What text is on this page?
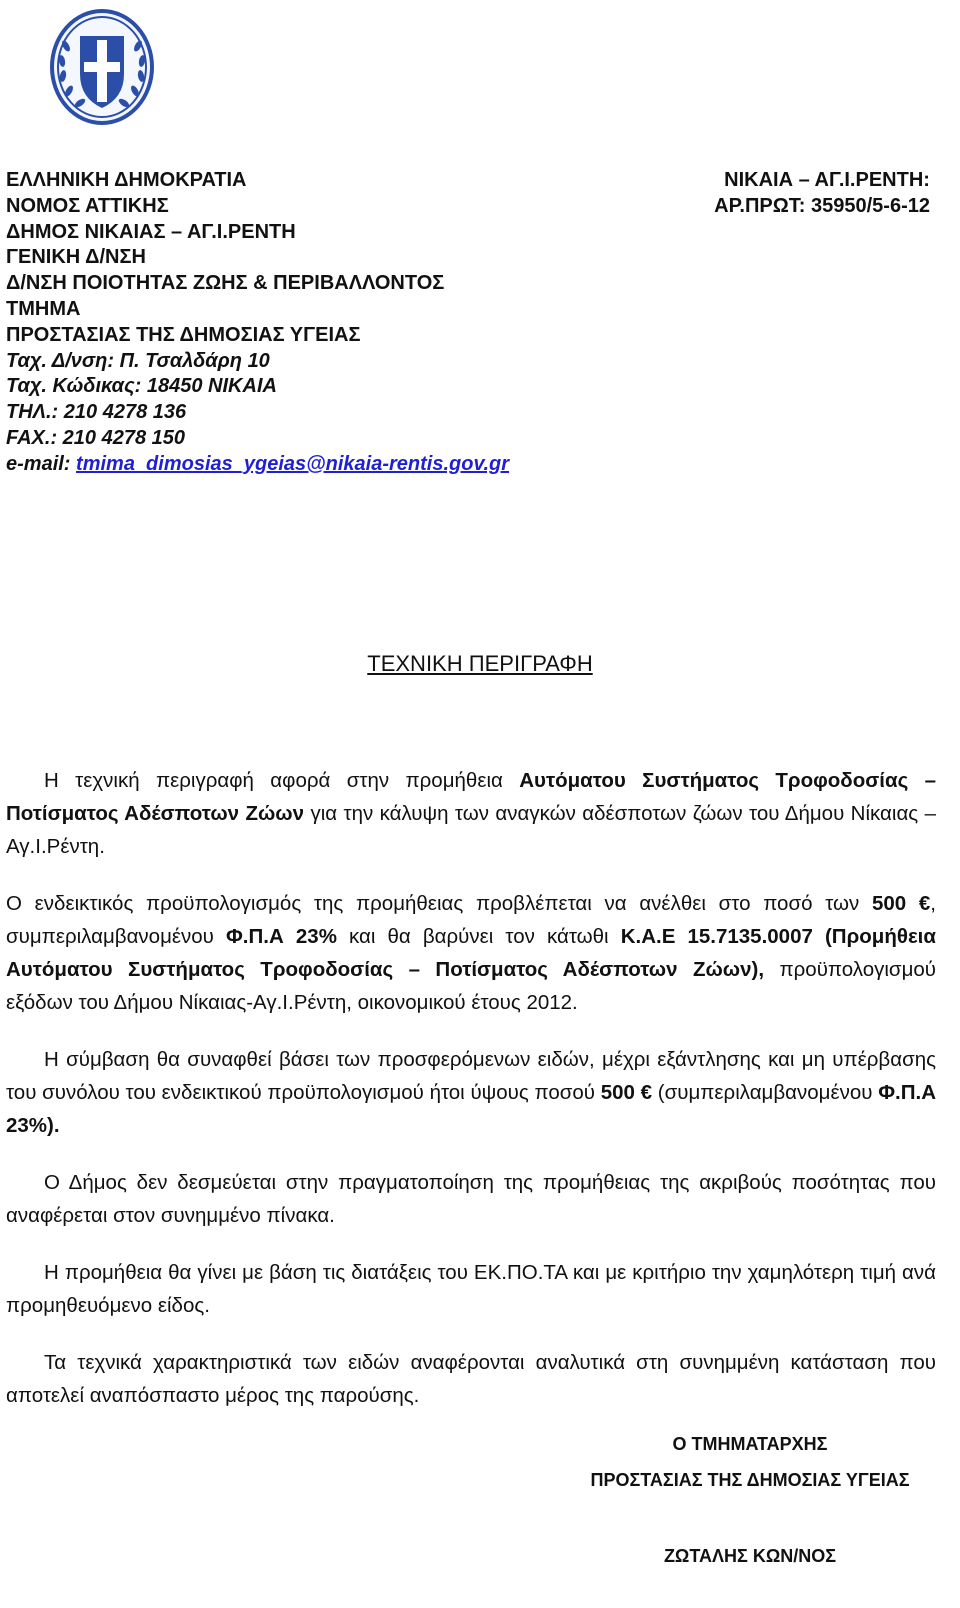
ΕΛΛΗΝΙΚΗ ΔΗΜΟΚΡΑΤΙΑ
ΝΟΜΟΣ ΑΤΤΙΚΗΣ
ΔΗΜΟΣ ΝΙΚΑΙΑΣ – ΑΓ.Ι.ΡΕΝΤΗ
ΓΕΝΙΚΗ Δ/ΝΣΗ
Δ/ΝΣΗ ΠΟΙΟΤΗΤΑΣ ΖΩΗΣ & ΠΕΡΙΒΑΛΛΟΝΤΟΣ
ΤΜΗΜΑ
ΠΡΟΣΤΑΣΙΑΣ ΤΗΣ ΔΗΜΟΣΙΑΣ ΥΓΕΙΑΣ
Ταχ. Δ/νση: Π. Τσαλδάρη 10
Ταχ. Κώδικας: 18450 ΝΙΚΑΙΑ
ΤΗΛ.: 210 4278 136
FAX.: 210 4278 150
e-mail: tmima_dimosias_ygeias@nikaia-rentis.gov.gr
ΝΙΚΑΙΑ – ΑΓ.Ι.ΡΕΝΤΗ:
ΑΡ.ΠΡΩΤ: 35950/5-6-12
ΤΕΧΝΙΚΗ ΠΕΡΙΓΡΑΦΗ

Η τεχνική περιγραφή αφορά στην προμήθεια Αυτόματου Συστήματος Τροφοδοσίας – Ποτίσματος Αδέσποτων Ζώων για την κάλυψη των αναγκών αδέσποτων ζώων του Δήμου Νίκαιας – Αγ.Ι.Ρέντη.

Ο ενδεικτικός προϋπολογισμός της προμήθειας προβλέπεται να ανέλθει στο ποσό των 500 €, συμπεριλαμβανομένου Φ.Π.Α 23% και θα βαρύνει τον κάτωθι Κ.Α.Ε 15.7135.0007 (Προμήθεια Αυτόματου Συστήματος Τροφοδοσίας – Ποτίσματος Αδέσποτων Ζώων), προϋπολογισμού εξόδων του Δήμου Νίκαιας-Αγ.Ι.Ρέντη, οικονομικού έτους 2012.

Η σύμβαση θα συναφθεί βάσει των προσφερόμενων ειδών, μέχρι εξάντλησης και μη υπέρβασης του συνόλου του ενδεικτικού προϋπολογισμού ήτοι ύψους ποσού 500 € (συμπεριλαμβανομένου Φ.Π.Α 23%).

Ο Δήμος δεν δεσμεύεται στην πραγματοποίηση της προμήθειας της ακριβούς ποσότητας που αναφέρεται στον συνημμένο πίνακα.

Η προμήθεια θα γίνει με βάση τις διατάξεις του ΕΚ.ΠΟ.ΤΑ και με κριτήριο την χαμηλότερη τιμή ανά προμηθευόμενο είδος.

Τα τεχνικά χαρακτηριστικά των ειδών αναφέρονται αναλυτικά στη συνημμένη κατάσταση που αποτελεί αναπόσπαστο μέρος της παρούσης.

Ο ΤΜΗΜΑΤΑΡΧΗΣ
ΠΡΟΣΤΑΣΙΑΣ ΤΗΣ ΔΗΜΟΣΙΑΣ ΥΓΕΙΑΣ
ΖΩΤΑΛΗΣ ΚΩΝ/ΝΟΣ
